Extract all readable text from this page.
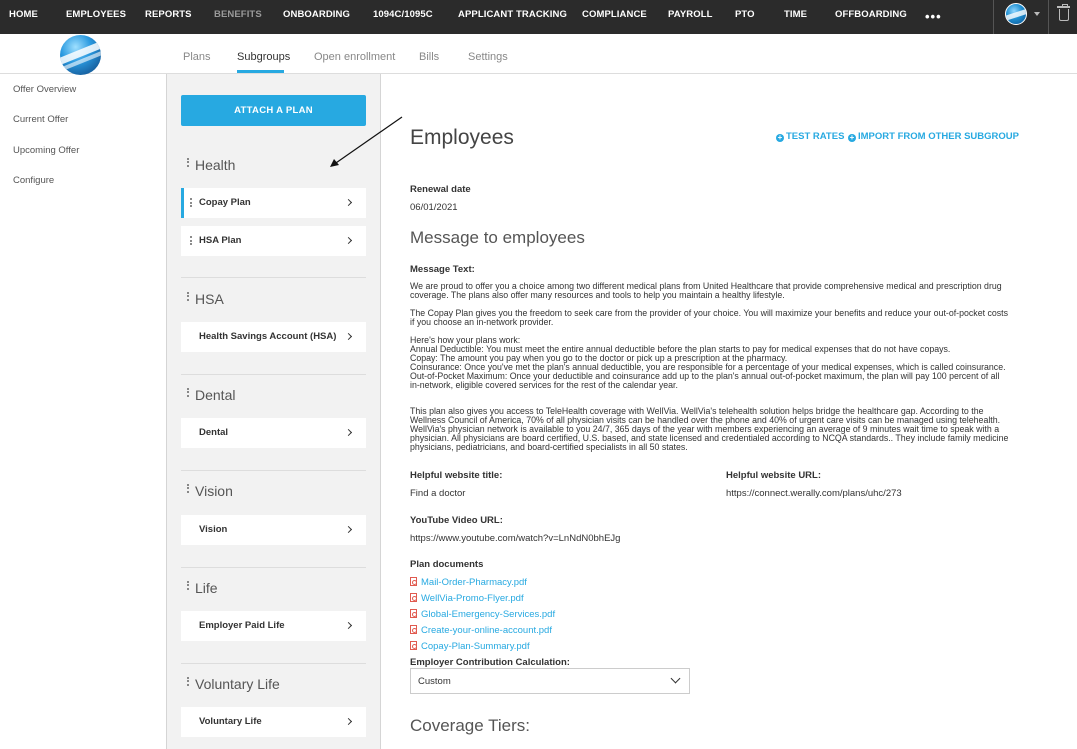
HOME	EMPLOYEES REPORTS BENEFITS ONBOARDING 1094C/1095C	APPLICANT TRACKING COMPLIANCE PAYROLL PTO	TIME	OFFBOARDING •••
Plans Subgroups Open enrollment Bills	Settings
Offer Overview
Current Offer
Upcoming Offer
Configure
ATTACH A PLAN
Health
Copay Plan
HSA Plan
HSA
Health Savings Account (HSA)
Dental
Dental
Vision
Vision
Life
Employer Paid Life
Voluntary Life
Voluntary Life
Employees	+ TEST RATES + IMPORT FROM OTHER SUBGROUP
Renewal date
06/01/2021
Message to employees
Message Text:
We are proud to offer you a choice among two different medical plans from United Healthcare that provide comprehensive medical and prescription drug coverage. The plans also offer many resources and tools to help you maintain a healthy lifestyle.
The Copay Plan gives you the freedom to seek care from the provider of your choice. You will maximize your benefits and reduce your out-of-pocket costs if you choose an in-network provider.
Here's how your plans work:
Annual Deductible: You must meet the entire annual deductible before the plan starts to pay for medical expenses that do not have copays.
Copay: The amount you pay when you go to the doctor or pick up a prescription at the pharmacy.
Coinsurance: Once you've met the plan's annual deductible, you are responsible for a percentage of your medical expenses, which is called coinsurance.
Out-of-Pocket Maximum: Once your deductible and coinsurance add up to the plan's annual out-of-pocket maximum, the plan will pay 100 percent of all in-network, eligible covered services for the rest of the calendar year.
This plan also gives you access to TeleHealth coverage with WellVia. WellVia's telehealth solution helps bridge the healthcare gap. According to the Wellness Council of America, 70% of all physician visits can be handled over the phone and 40% of urgent care visits can be managed using telehealth. WellVia's physician network is available to you 24/7, 365 days of the year with members experiencing an average of 9 minutes wait time to speak with a physician. All physicians are board certified, U.S. based, and state licensed and credentialed according to NCQA standards.. They include family medicine physicians, pediatricians, and board-certified specialists in all 50 states.
Helpful website title:
Find a doctor
Helpful website URL:
https://connect.werally.com/plans/uhc/273
YouTube Video URL:
https://www.youtube.com/watch?v=LnNdN0bhEJg
Plan documents
Mail-Order-Pharmacy.pdf
WellVia-Promo-Flyer.pdf
Global-Emergency-Services.pdf
Create-your-online-account.pdf
Copay-Plan-Summary.pdf
Employer Contribution Calculation:
Custom
Coverage Tiers:
